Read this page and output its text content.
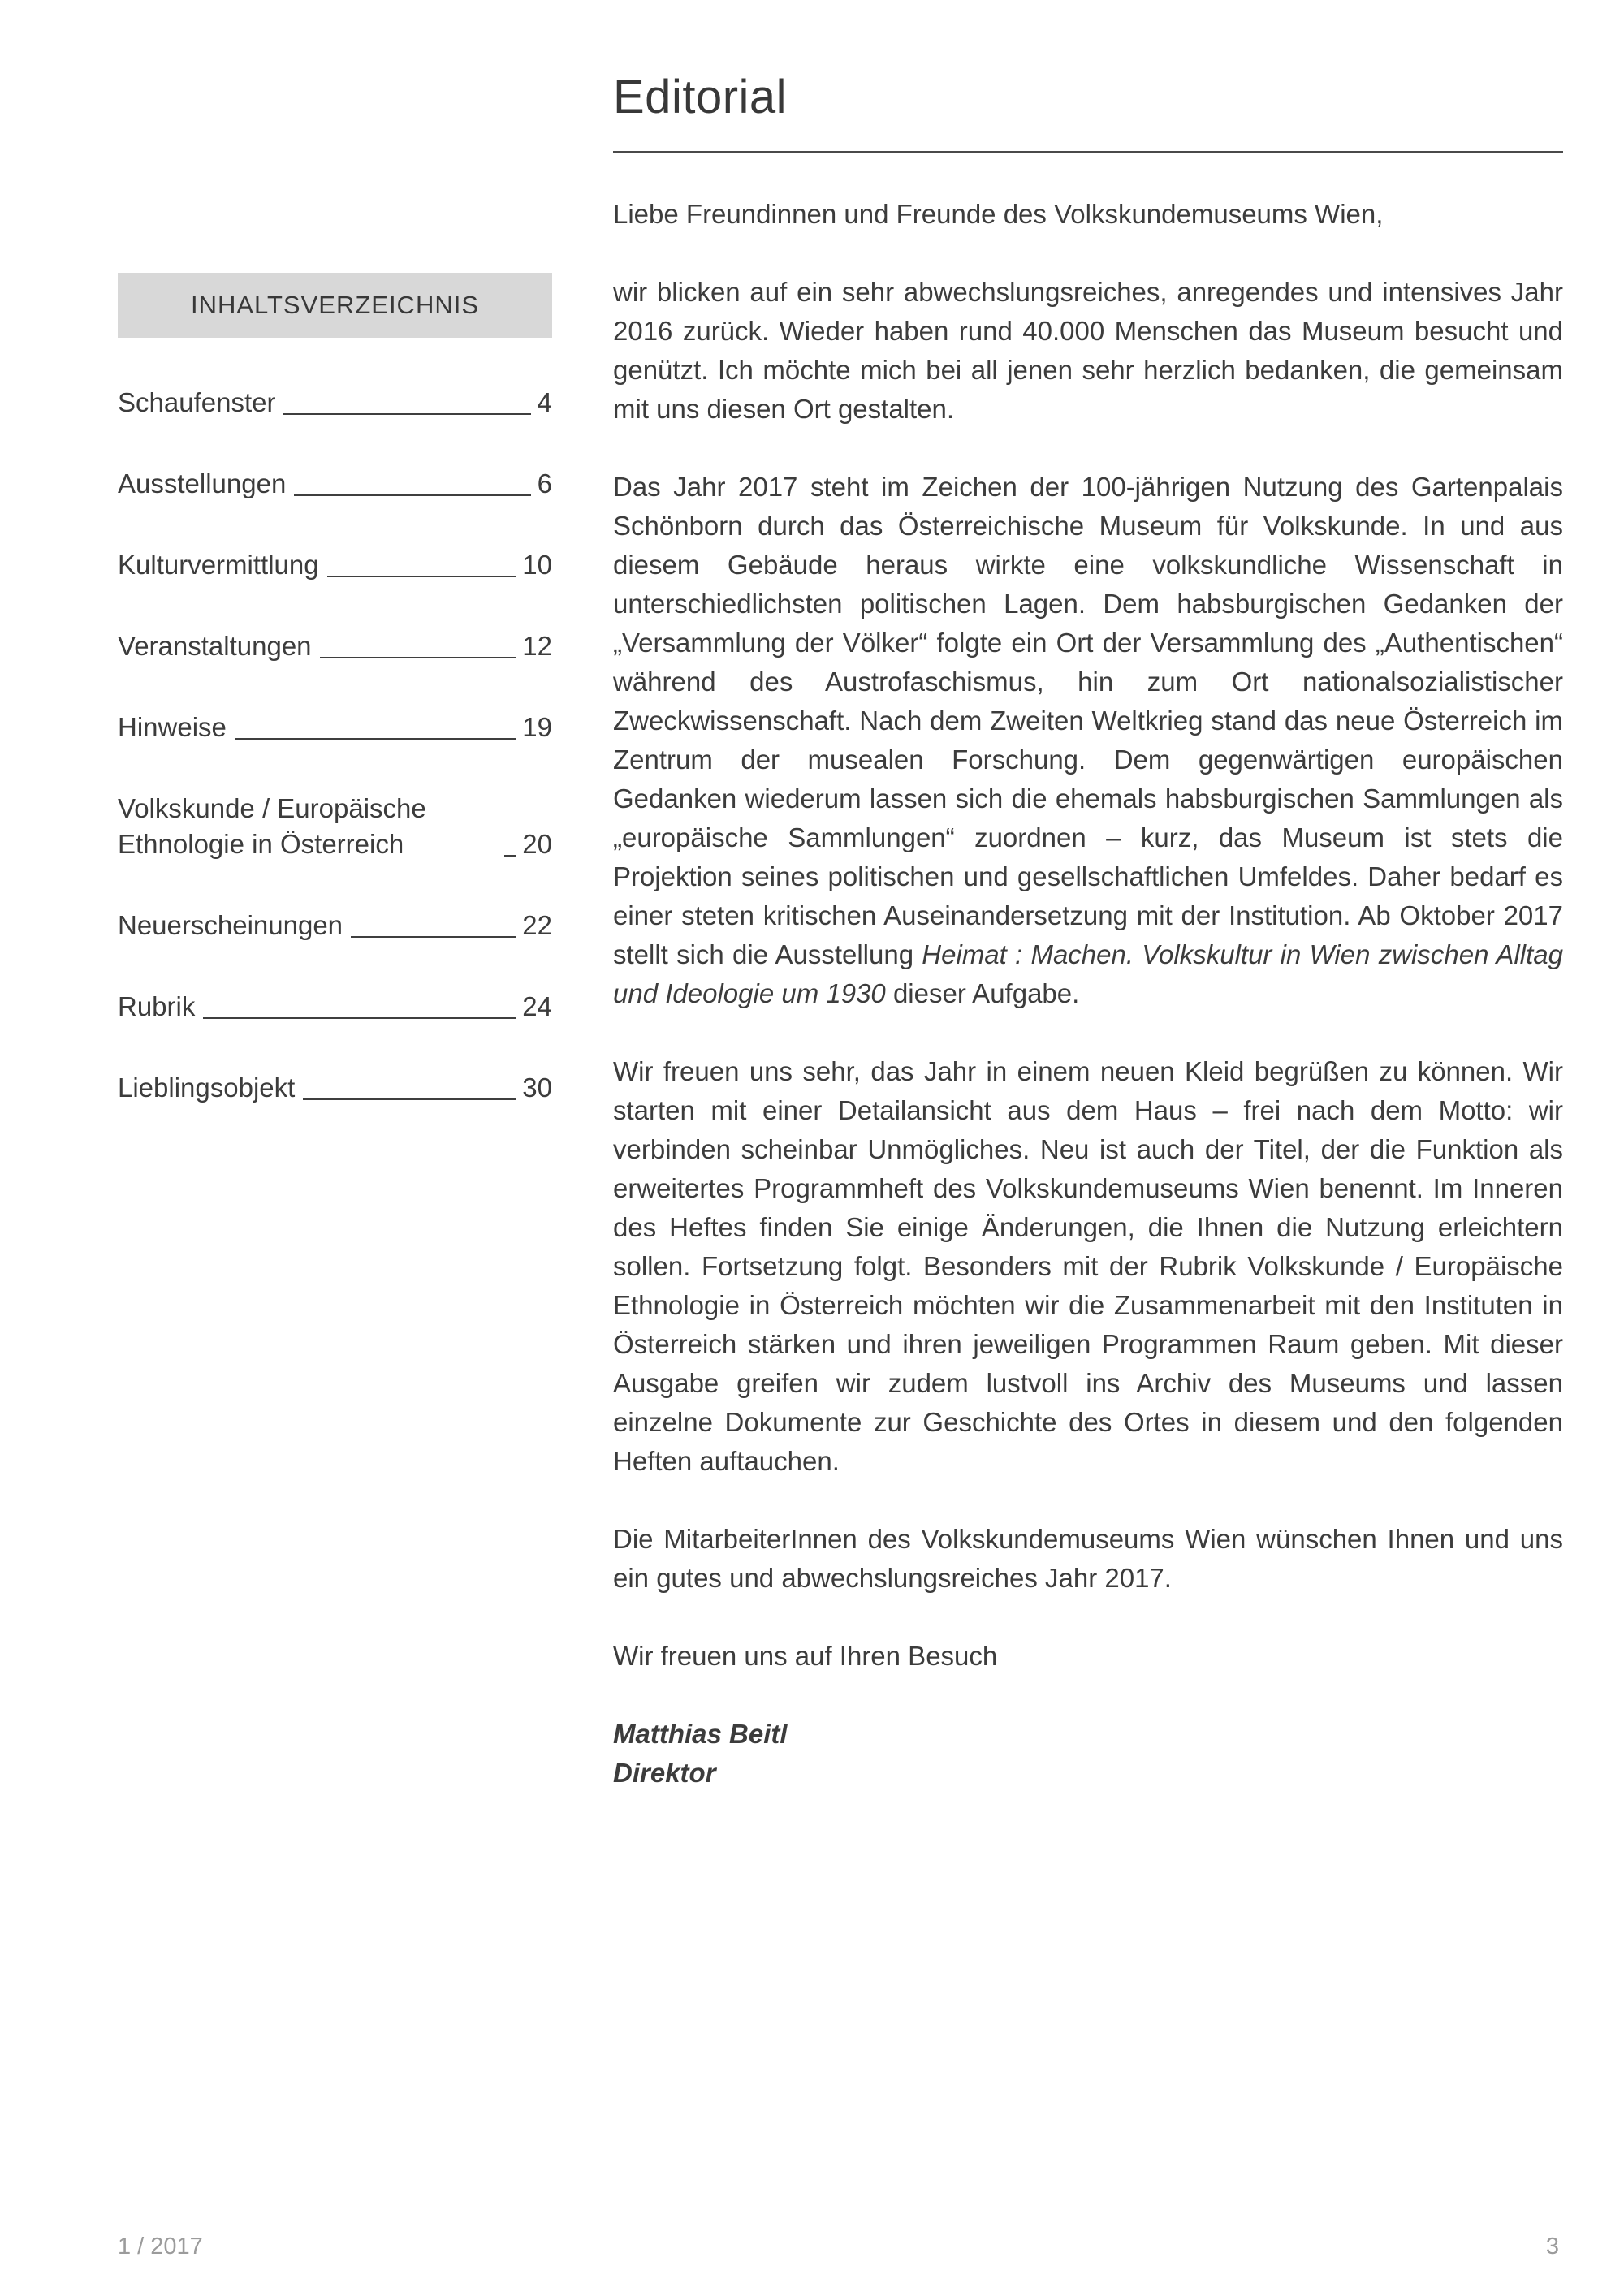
INHALTSVERZEICHNIS
Schaufenster	4
Ausstellungen	6
Kulturvermittlung	10
Veranstaltungen	12
Hinweise	19
Volkskunde / Europäische Ethnologie in Österreich	20
Neuerscheinungen	22
Rubrik	24
Lieblingsobjekt	30
Editorial

Liebe Freundinnen und Freunde des Volkskundemuseums Wien,

wir blicken auf ein sehr abwechslungsreiches, anregendes und intensives Jahr 2016 zurück. Wieder haben rund 40.000 Menschen das Museum besucht und genützt. Ich möchte mich bei all jenen sehr herzlich bedanken, die gemeinsam mit uns diesen Ort gestalten.

Das Jahr 2017 steht im Zeichen der 100-jährigen Nutzung des Gartenpalais Schönborn durch das Österreichische Museum für Volkskunde. In und aus diesem Gebäude heraus wirkte eine volkskundliche Wissenschaft in unterschiedlichsten politischen Lagen. Dem habsburgischen Gedanken der „Versammlung der Völker“ folgte ein Ort der Versammlung des „Authentischen“ während des Austrofaschismus, hin zum Ort nationalsozialistischer Zweckwissenschaft. Nach dem Zweiten Weltkrieg stand das neue Österreich im Zentrum der musealen Forschung. Dem gegenwärtigen europäischen Gedanken wiederum lassen sich die ehemals habsburgischen Sammlungen als „europäische Sammlungen“ zuordnen – kurz, das Museum ist stets die Projektion seines politischen und gesellschaftlichen Umfeldes. Daher bedarf es einer steten kritischen Auseinandersetzung mit der Institution. Ab Oktober 2017 stellt sich die Ausstellung Heimat : Machen. Volkskultur in Wien zwischen Alltag und Ideologie um 1930 dieser Aufgabe.

Wir freuen uns sehr, das Jahr in einem neuen Kleid begrüßen zu können. Wir starten mit einer Detailansicht aus dem Haus – frei nach dem Motto: wir verbinden scheinbar Unmögliches. Neu ist auch der Titel, der die Funktion als erweitertes Programmheft des Volkskundemuseums Wien benennt. Im Inneren des Heftes finden Sie einige Änderungen, die Ihnen die Nutzung erleichtern sollen. Fortsetzung folgt. Besonders mit der Rubrik Volkskunde / Europäische Ethnologie in Österreich möchten wir die Zusammenarbeit mit den Instituten in Österreich stärken und ihren jeweiligen Programmen Raum geben. Mit dieser Ausgabe greifen wir zudem lustvoll ins Archiv des Museums und lassen einzelne Dokumente zur Geschichte des Ortes in diesem und den folgenden Heften auftauchen.

Die MitarbeiterInnen des Volkskundemuseums Wien wünschen Ihnen und uns ein gutes und abwechslungsreiches Jahr 2017.

Wir freuen uns auf Ihren Besuch

Matthias Beitl
Direktor
1 / 2017	3
